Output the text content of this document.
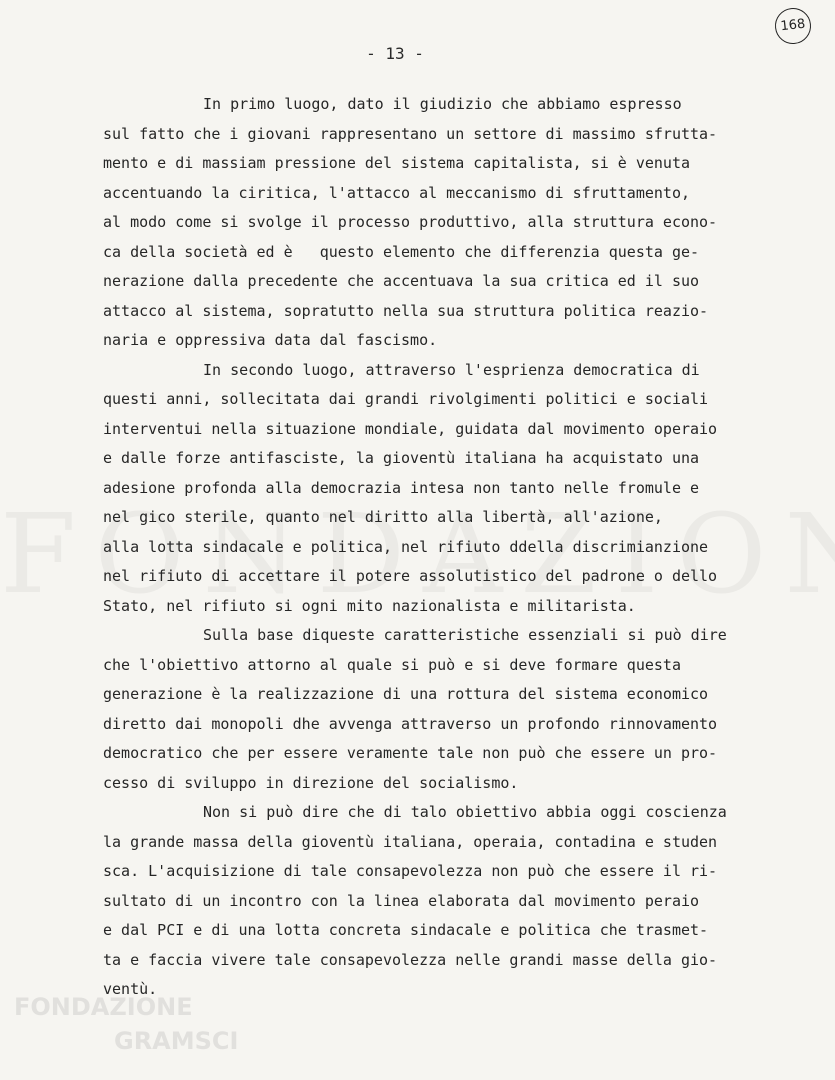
FONDAZIONE
GRAMSCI
168
- 13 -
In primo luogo, dato il giudizio che abbiamo espresso
sul fatto che i giovani rappresentano un settore di massimo sfrutta-
mento e di massiam pressione del sistema capitalista, si è venuta
accentuando la ciritica, l'attacco al meccanismo di sfruttamento,
al modo come si svolge il processo produttivo, alla struttura econo-
ca della società ed è   questo elemento che differenzia questa ge-
nerazione dalla precedente che accentuava la sua critica ed il suo
attacco al sistema, sopratutto nella sua struttura politica reazio-
naria e oppressiva data dal fascismo.
In secondo luogo, attraverso l'esprienza democratica di
questi anni, sollecitata dai grandi rivolgimenti politici e sociali
interventui nella situazione mondiale, guidata dal movimento operaio
e dalle forze antifasciste, la gioventù italiana ha acquistato una
adesione profonda alla democrazia intesa non tanto nelle fromule e
nel gico sterile, quanto nel diritto alla libertà, all'azione,
alla lotta sindacale e politica, nel rifiuto ddella discrimianzione
nel rifiuto di accettare il potere assolutistico del padrone o dello
Stato, nel rifiuto si ogni mito nazionalista e militarista.
Sulla base diqueste caratteristiche essenziali si può dire
che l'obiettivo attorno al quale si può e si deve formare questa
generazione è la realizzazione di una rottura del sistema economico
diretto dai monopoli dhe avvenga attraverso un profondo rinnovamento
democratico che per essere veramente tale non può che essere un pro-
cesso di sviluppo in direzione del socialismo.
Non si può dire che di talo obiettivo abbia oggi coscienza
la grande massa della gioventù italiana, operaia, contadina e studen
sca. L'acquisizione di tale consapevolezza non può che essere il ri-
sultato di un incontro con la linea elaborata dal movimento peraio
e dal PCI e di una lotta concreta sindacale e politica che trasmet-
ta e faccia vivere tale consapevolezza nelle grandi masse della gio-
ventù.
